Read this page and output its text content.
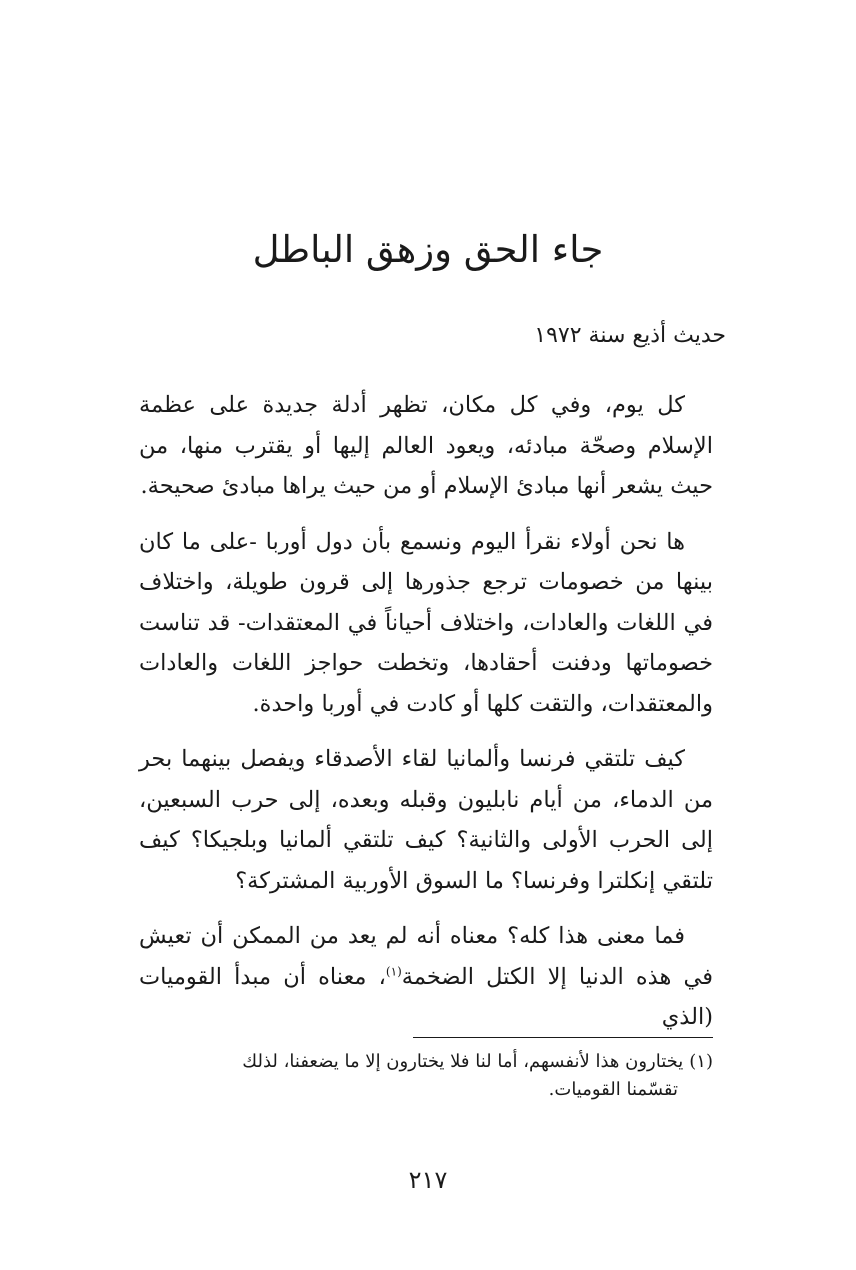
جاء الحق وزهق الباطل

حديث أذيع سنة ١٩٧٢

كل يوم، وفي كل مكان، تظهر أدلة جديدة على عظمة الإسلام وصحّة مبادئه، ويعود العالم إليها أو يقترب منها، من حيث يشعر أنها مبادئ الإسلام أو من حيث يراها مبادئ صحيحة.

ها نحن أولاء نقرأ اليوم ونسمع بأن دول أوربا -على ما كان بينها من خصومات ترجع جذورها إلى قرون طويلة، واختلاف في اللغات والعادات، واختلاف أحياناً في المعتقدات- قد تناست خصوماتها ودفنت أحقادها، وتخطت حواجز اللغات والعادات والمعتقدات، والتقت كلها أو كادت في أوربا واحدة.

كيف تلتقي فرنسا وألمانيا لقاء الأصدقاء ويفصل بينهما بحر من الدماء، من أيام نابليون وقبله وبعده، إلى حرب السبعين، إلى الحرب الأولى والثانية؟ كيف تلتقي ألمانيا وبلجيكا؟ كيف تلتقي إنكلترا وفرنسا؟ ما السوق الأوربية المشتركة؟

فما معنى هذا كله؟ معناه أنه لم يعد من الممكن أن تعيش في هذه الدنيا إلا الكتل الضخمة$^{(١)}$، معناه أن مبدأ القوميات (الذي

(١)يختارون هذا لأنفسهم، أما لنا فلا يختارون إلا ما يضعفنا، لذلك
تقسّمنا القوميات.
٢١٧
